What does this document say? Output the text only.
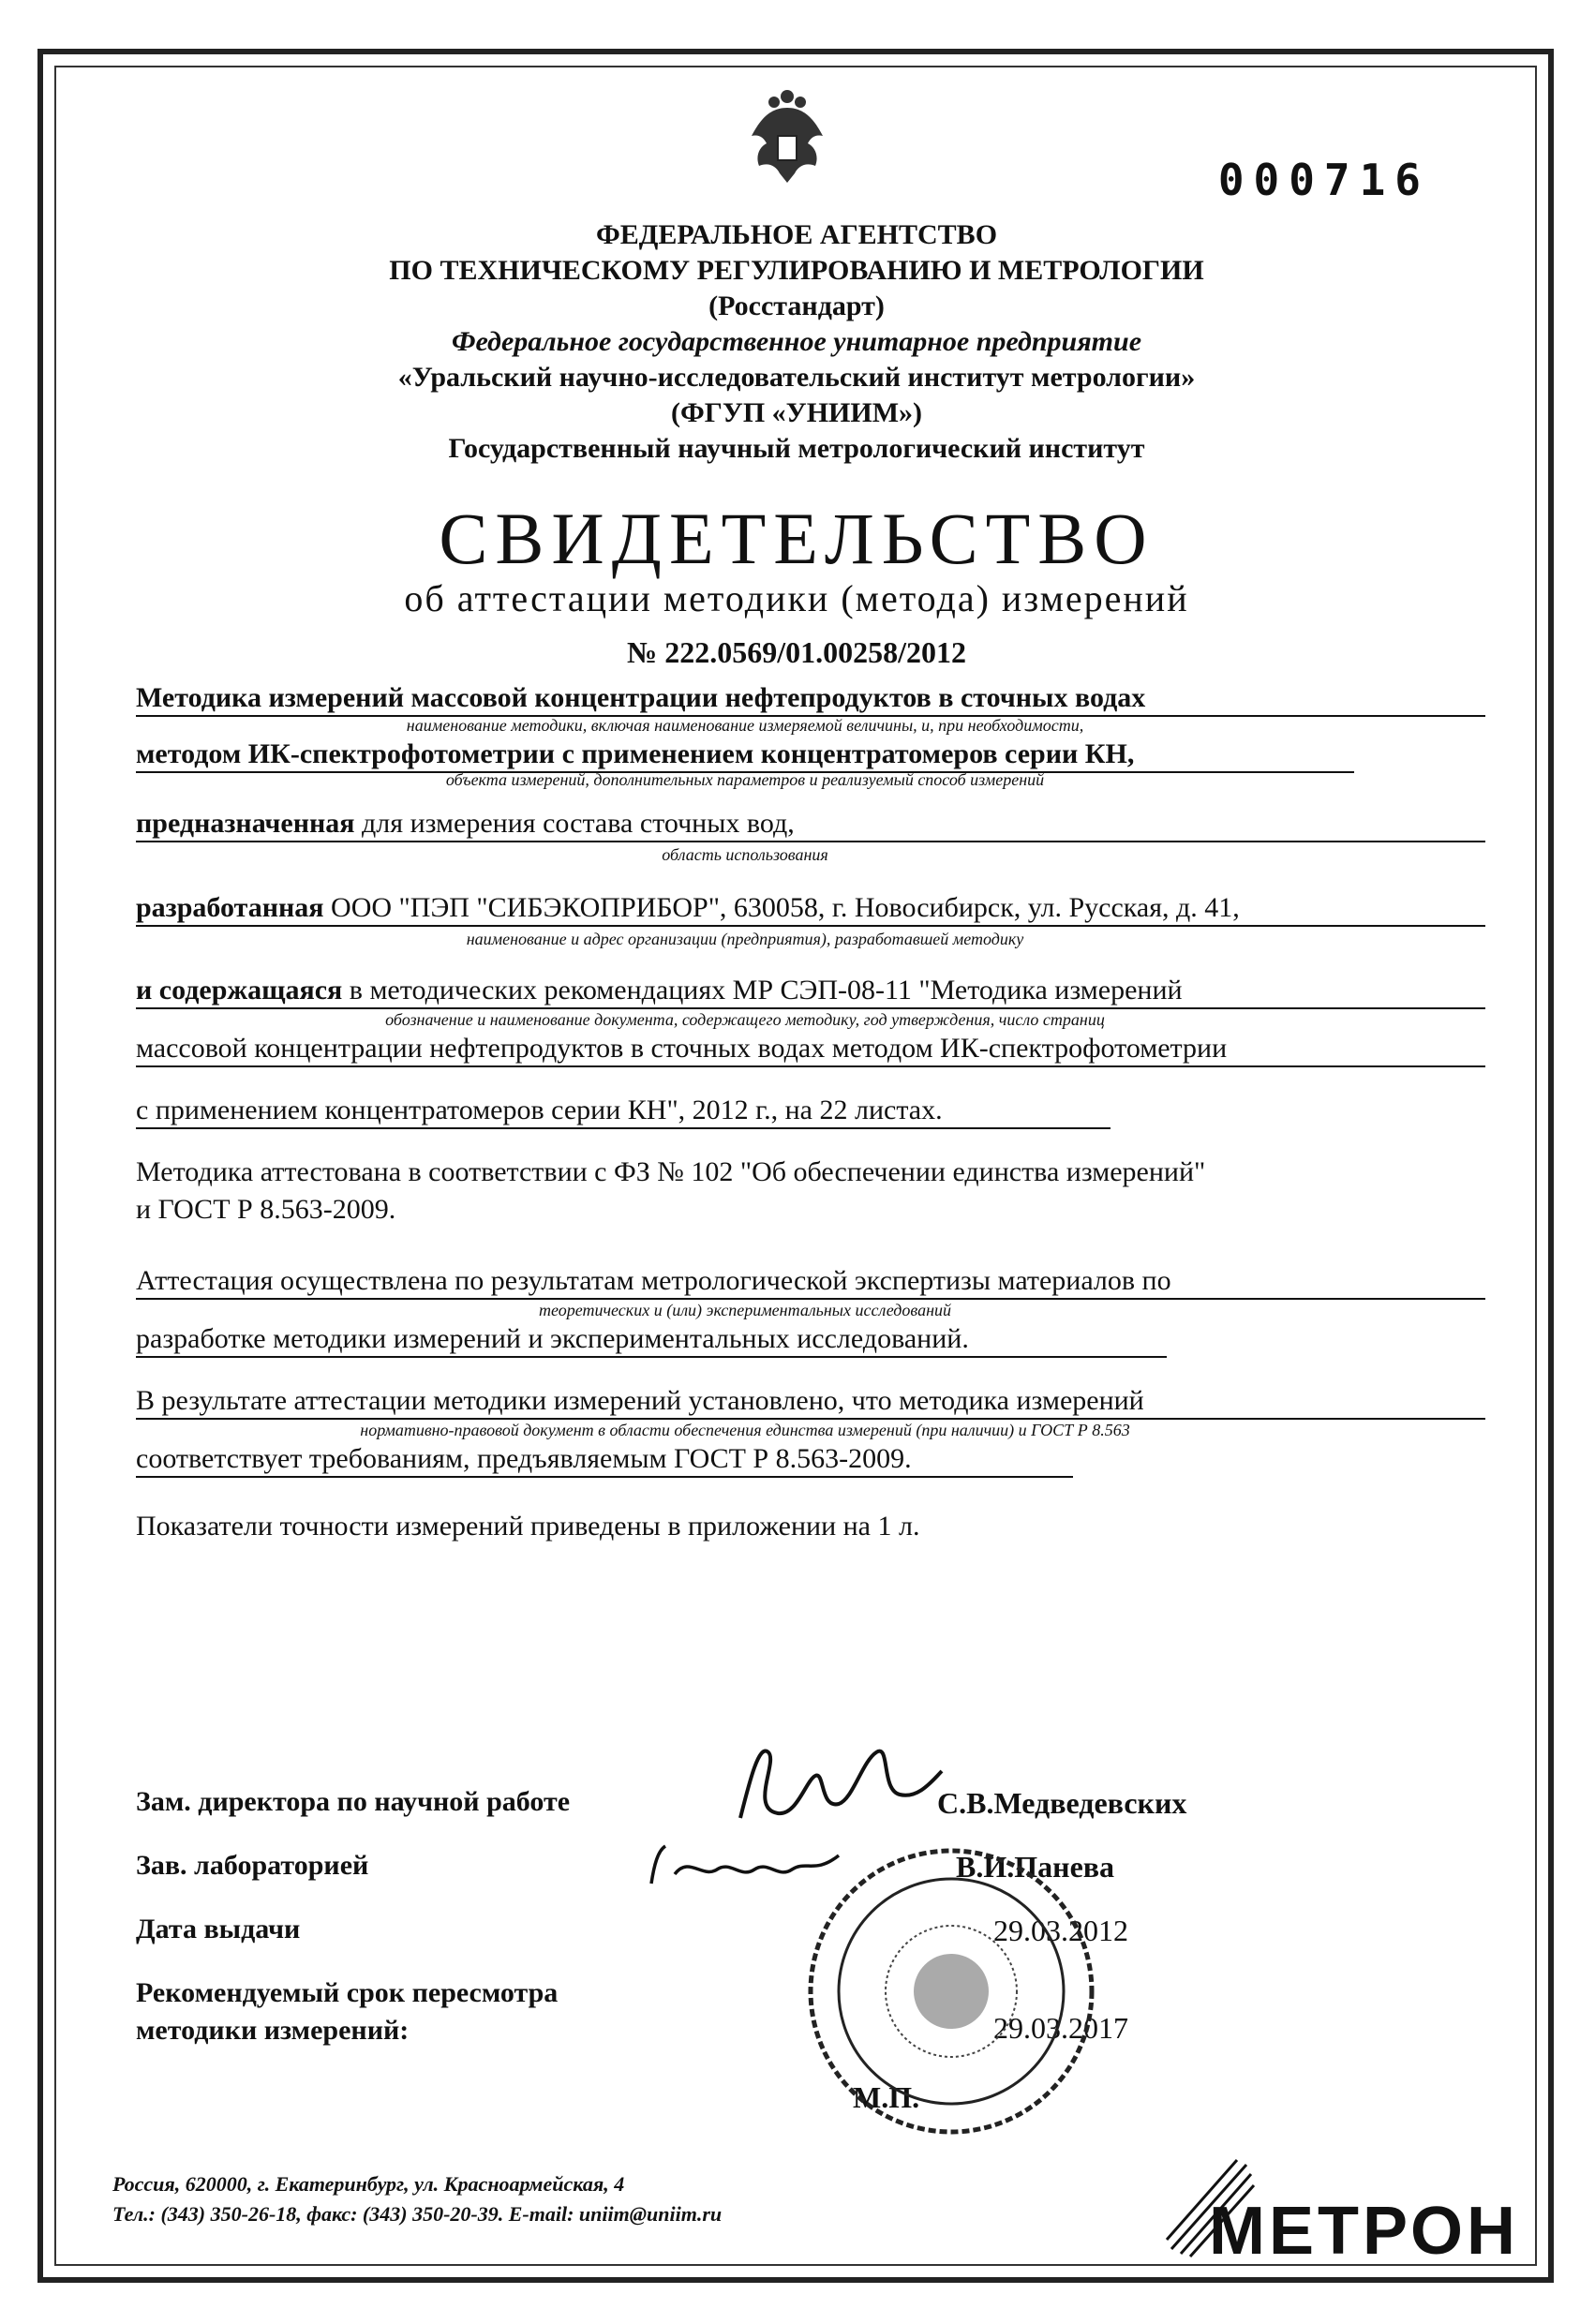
000716
ФЕДЕРАЛЬНОЕ АГЕНТСТВО
ПО ТЕХНИЧЕСКОМУ РЕГУЛИРОВАНИЮ И МЕТРОЛОГИИ
(Росстандарт)
Федеральное государственное унитарное предприятие
«Уральский научно-исследовательский институт метрологии»
(ФГУП «УНИИМ»)
Государственный научный метрологический институт
СВИДЕТЕЛЬСТВО
об аттестации методики (метода) измерений
№ 222.0569/01.00258/2012
Методика измерений массовой концентрации нефтепродуктов в сточных водах
наименование методики, включая наименование измеряемой величины, и, при необходимости,
методом ИК-спектрофотометрии с применением концентратомеров серии КН,
объекта измерений, дополнительных параметров и реализуемый способ измерений
предназначенная для измерения состава сточных вод,
область использования
разработанная ООО "ПЭП "СИБЭКОПРИБОР", 630058, г. Новосибирск, ул. Русская, д. 41,
наименование и адрес организации (предприятия), разработавшей методику
и содержащаяся в методических рекомендациях МР СЭП-08-11 "Методика измерений
обозначение и наименование документа, содержащего методику, год утверждения, число страниц
массовой концентрации нефтепродуктов в сточных водах методом ИК-спектрофотометрии
с применением концентратомеров серии КН", 2012 г., на 22 листах.
Методика аттестована в соответствии с ФЗ № 102 "Об обеспечении единства измерений"
и ГОСТ Р 8.563-2009.
Аттестация осуществлена по результатам метрологической экспертизы материалов по
теоретических и (или) экспериментальных исследований
разработке методики измерений и экспериментальных исследований.
В результате аттестации методики измерений установлено, что методика измерений
нормативно-правовой документ в области обеспечения единства измерений (при наличии) и ГОСТ Р 8.563
соответствует требованиям, предъявляемым ГОСТ Р 8.563-2009.
Показатели точности измерений приведены в приложении на 1 л.
Зам. директора по научной работе	С.В.Медведевских
Зав. лабораторией	В.И.Панева
Дата выдачи	29.03.2012
Рекомендуемый срок пересмотра
методики измерений:	29.03.2017
М.П.
Россия, 620000, г. Екатеринбург, ул. Красноармейская, 4
Тел.: (343) 350-26-18, факс: (343) 350-20-39. E-mail: uniim@uniim.ru	МЕТРОН
